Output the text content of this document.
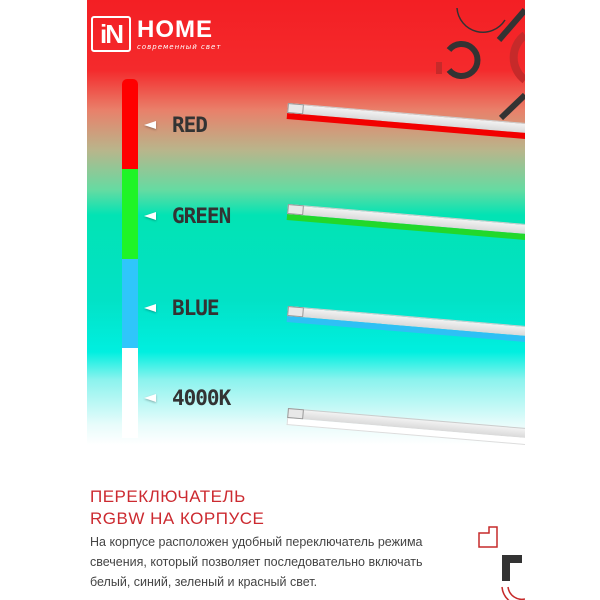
iN HOME
современный свет
RED
GREEN
BLUE
4000K
ПЕРЕКЛЮЧАТЕЛЬ
RGBW НА КОРПУСЕ
На корпусе расположен удобный переключатель режима
свечения, который позволяет последовательно включать
белый, синий, зеленый и красный свет.
